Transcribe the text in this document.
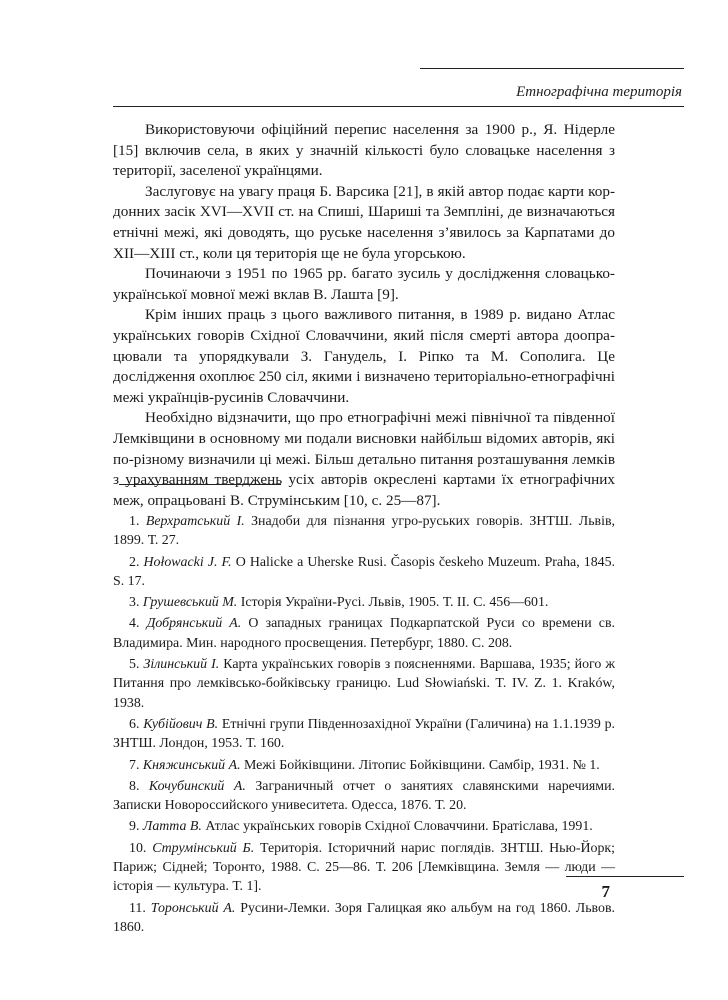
Етнографічна територія

Використовуючи офіційний перепис населення за 1900 р., Я. Нідерле [15] включив села, в яких у значній кількості було словацьке населення з території, заселеної українцями.

Заслуговує на увагу праця Б. Варсика [21], в якій автор подає карти кордонних засік XVI—XVII ст. на Спиші, Шариші та Земпліні, де визначаються етнічні межі, які доводять, що руське населення з’явилось за Карпатами до XII—XIII ст., коли ця територія ще не була угорською.

Починаючи з 1951 по 1965 рр. багато зусиль у дослідження словацько-української мовної межі вклав В. Лашта [9].

Крім інших праць з цього важливого питання, в 1989 р. видано Атлас українських говорів Східної Словаччини, який після смерті автора доопрацювали та упорядкували З. Ганудель, І. Ріпко та М. Сополига. Це дослідження охоплює 250 сіл, якими і визначено територіально-етнографічні межі українців-русинів Словаччини.

Необхідно відзначити, що про етнографічні межі північної та південної Лемківщини в основному ми подали висновки найбільш відомих авторів, які по-різному визначили ці межі. Більш детально питання розташування лемків з урахуванням тверджень усіх авторів окреслені картами їх етнографічних меж, опрацьовані В. Струмінським [10, с. 25—87].

1. Верхратський І. Знадоби для пізнання угро-руських говорів. ЗНТШ. Львів, 1899. Т. 27.

2. Hołowacki J. F. O Halicke a Uherske Rusi. Časopis českeho Muzeum. Praha, 1845. S. 17.

3. Грушевський М. Історія України-Русі. Львів, 1905. Т. ІІ. С. 456—601.

4. Добрянський А. О западных границах Подкарпатской Руси со времени св. Владимира. Мин. народного просвещения. Петербург, 1880. С. 208.

5. Зілинський І. Карта українських говорів з поясненнями. Варшава, 1935; його ж Питання про лемківсько-бойківську границю. Lud Słowiański. T. IV. Z. 1. Kraków, 1938.

6. Кубійович В. Етнічні групи Південнозахідної України (Галичина) на 1.1.1939 р. ЗНТШ. Лондон, 1953. Т. 160.

7. Княжинський А. Межі Бойківщини. Літопис Бойківщини. Самбір, 1931. № 1.

8. Кочубинский А. Заграничный отчет о занятиях славянскими наречиями. Записки Новороссийского унивеситета. Одесса, 1876. Т. 20.

9. Латта В. Атлас українських говорів Східної Словаччини. Братіслава, 1991.

10. Струмінський Б. Територія. Історичний нарис поглядів. ЗНТШ. Нью-Йорк; Париж; Сідней; Торонто, 1988. С. 25—86. Т. 206 [Лемківщина. Земля — люди — історія — культура. Т. 1].

11. Торонський А. Русини-Лемки. Зоря Галицкая яко альбум на год 1860. Львов. 1860.

7
